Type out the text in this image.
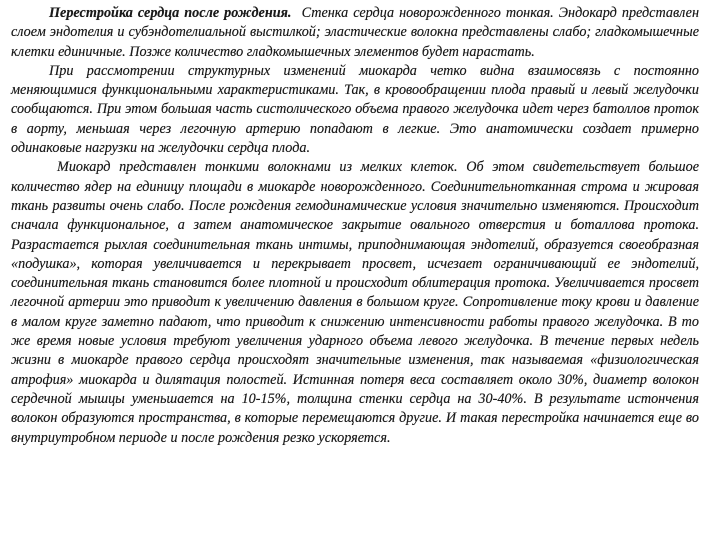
Перестройка сердца после рождения. Стенка сердца новорожденного тонкая. Эндокард представлен слоем эндотелия и субэндотелиальной выстилкой; эластические волокна представлены слабо; гладкомышечные клетки единичные. Позже количество гладкомышечных элементов будет нарастать.

При рассмотрении структурных изменений миокарда четко видна взаимосвязь с постоянно меняющимися функциональными характеристиками. Так, в кровообращении плода правый и левый желудочки сообщаются. При этом большая часть систолического объема правого желудочка идет через батоллов проток в аорту, меньшая через легочную артерию попадают в легкие. Это анатомически создает примерно одинаковые нагрузки на желудочки сердца плода.

Миокард представлен тонкими волокнами из мелких клеток. Об этом свидетельствует большое количество ядер на единицу площади в миокарде новорожденного. Соединительнотканная строма и жировая ткань развиты очень слабо. После рождения гемодинамические условия значительно изменяются. Происходит сначала функциональное, а затем анатомическое закрытие овального отверстия и боталлова протока. Разрастается рыхлая соединительная ткань интимы, приподнимающая эндотелий, образуется своеобразная «подушка», которая увеличивается и перекрывает просвет, исчезает ограничивающий ее эндотелий, соединительная ткань становится более плотной и происходит облитерация протока. Увеличивается просвет легочной артерии это приводит к увеличению давления в большом круге. Сопротивление току крови и давление в малом круге заметно падают, что приводит к снижению интенсивности работы правого желудочка. В то же время новые условия требуют увеличения ударного объема левого желудочка. В течение первых недель жизни в миокарде правого сердца происходят значительные изменения, так называемая «физиологическая атрофия» миокарда и дилятация полостей. Истинная потеря веса составляет около 30%, диаметр волокон сердечной мышцы уменьшается на 10-15%, толщина стенки сердца на 30-40%. В результате истончения волокон образуются пространства, в которые перемещаются другие. И такая перестройка начинается еще во внутриутробном периоде и после рождения резко ускоряется.
